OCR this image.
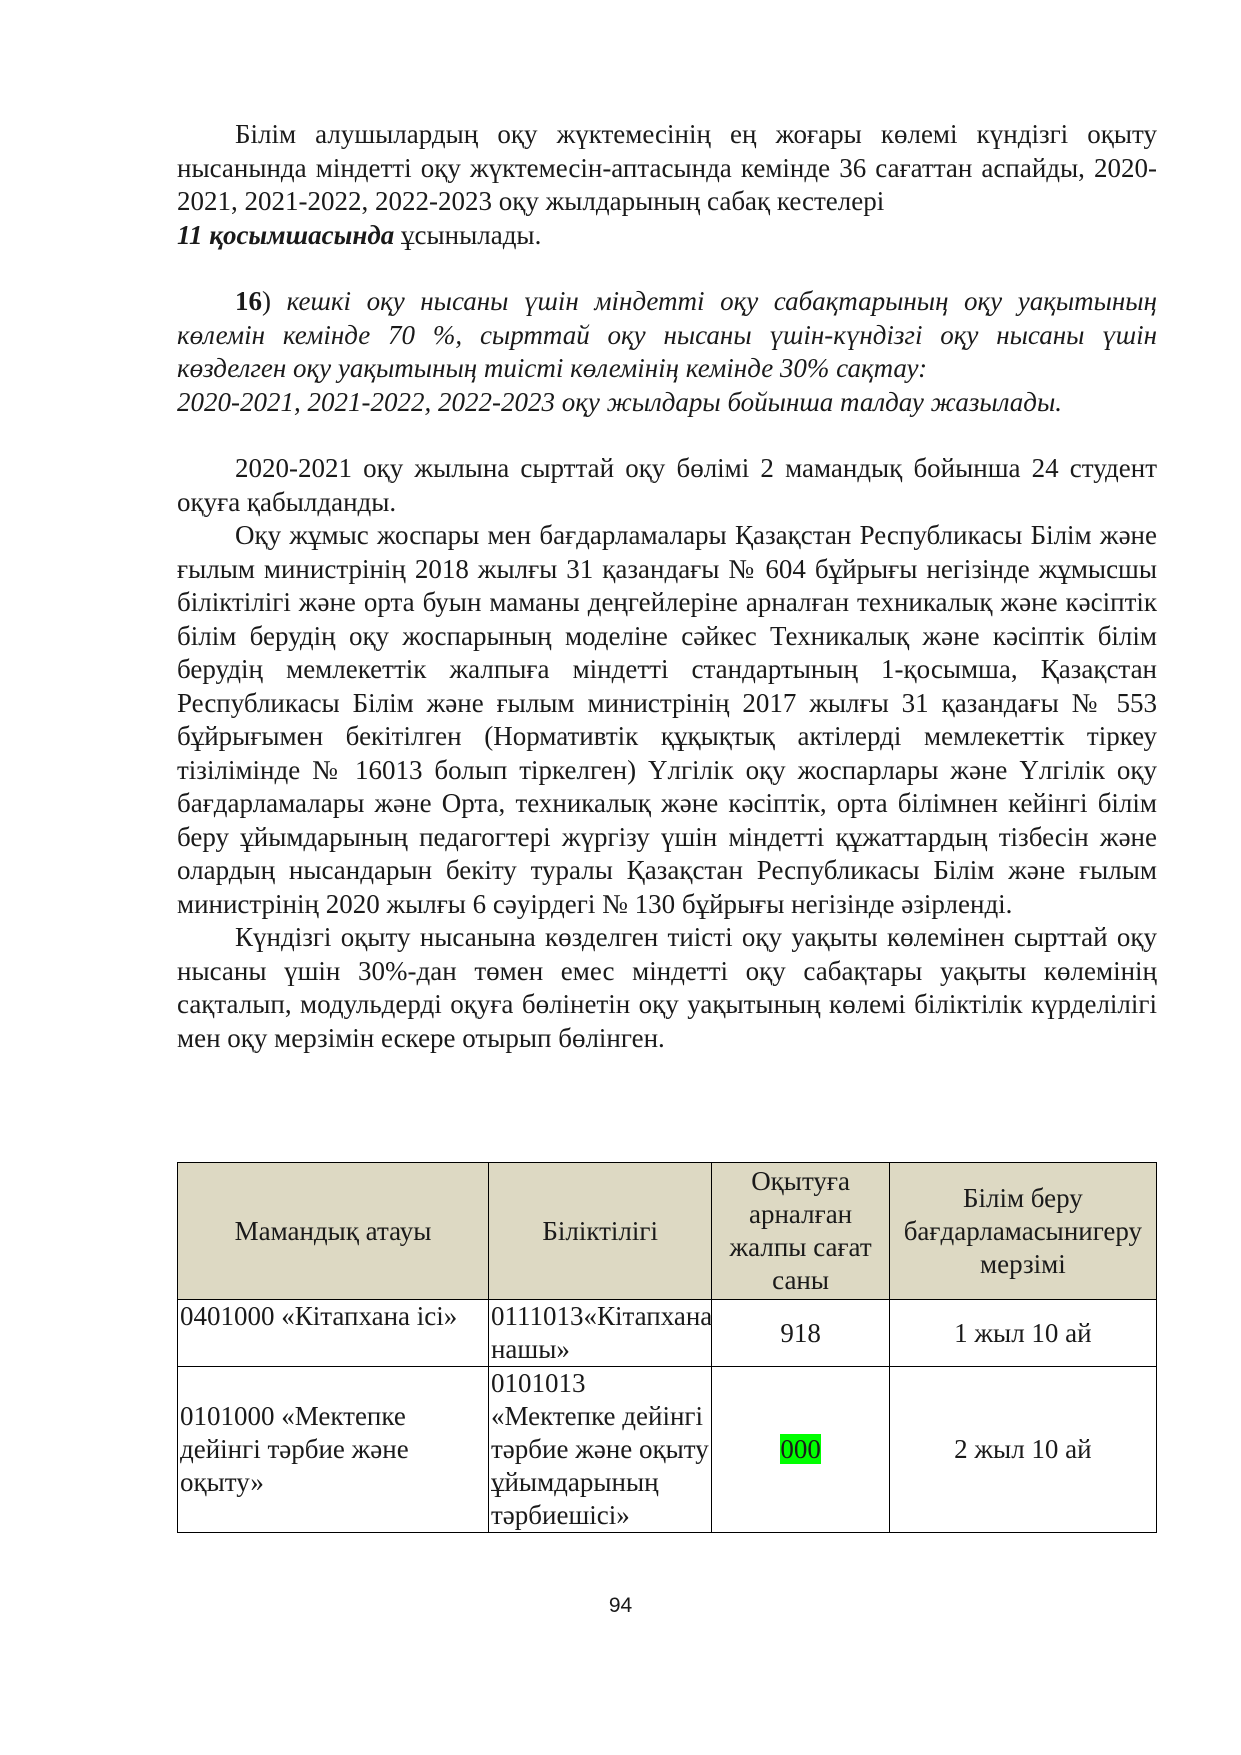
Білім алушылардың оқу жүктемесінің ең жоғары көлемі күндізгі оқыту нысанында міндетті оқу жүктемесін-аптасында кемінде 36 сағаттан аспайды, 2020-2021, 2021-2022, 2022-2023 оқу жылдарының сабақ кестелері
11 қосымшасында ұсынылады.

16) кешкі оқу нысаны үшін міндетті оқу сабақтарының оқу уақытының көлемін кемінде 70 %, сырттай оқу нысаны үшін-күндізгі оқу нысаны үшін көзделген оқу уақытының тиісті көлемінің кемінде 30% сақтау:

2020-2021, 2021-2022, 2022-2023 оқу жылдары бойынша талдау жазылады.

2020-2021 оқу жылына сырттай оқу бөлімі 2 мамандық бойынша 24 студент оқуға қабылданды.

Оқу жұмыс жоспары мен бағдарламалары Қазақстан Республикасы Білім және ғылым министрінің 2018 жылғы 31 қазандағы № 604 бұйрығы негізінде жұмысшы біліктілігі және орта буын маманы деңгейлеріне арналған техникалық және кәсіптік білім берудің оқу жоспарының моделіне сәйкес Техникалық және кәсіптік білім берудің мемлекеттік жалпыға міндетті стандартының 1-қосымша, Қазақстан Республикасы Білім және ғылым министрінің 2017 жылғы 31 қазандағы № 553 бұйрығымен бекітілген (Нормативтік құқықтық актілерді мемлекеттік тіркеу тізілімінде № 16013 болып тіркелген) Үлгілік оқу жоспарлары және Үлгілік оқу бағдарламалары және Орта, техникалық және кәсіптік, орта білімнен кейінгі білім беру ұйымдарының педагогтері жүргізу үшін міндетті құжаттардың тізбесін және олардың нысандарын бекіту туралы Қазақстан Республикасы Білім және ғылым министрінің 2020 жылғы 6 сәуірдегі № 130 бұйрығы негізінде әзірленді.

Күндізгі оқыту нысанына көзделген тиісті оқу уақыты көлемінен сырттай оқу нысаны үшін 30%-дан төмен емес міндетті оқу сабақтары уақыты көлемінің сақталып, модульдерді оқуға бөлінетін оқу уақытының көлемі біліктілік күрделілігі мен оқу мерзімін ескере отырып бөлінген.

Мамандық атауы	Біліктілігі	Оқытуға арналған жалпы сағат саны	Білім беру бағдарламасынигеру мерзімі
0401000 «Кітапхана ісі»	0111013«Кітапхана нашы»	918	1 жыл 10 ай
0101000 «Мектепке дейінгі тәрбие және оқыту»	0101013 «Мектепке дейінгі тәрбие және оқыту ұйымдарының тәрбиешісі»	000	2 жыл 10 ай
94
